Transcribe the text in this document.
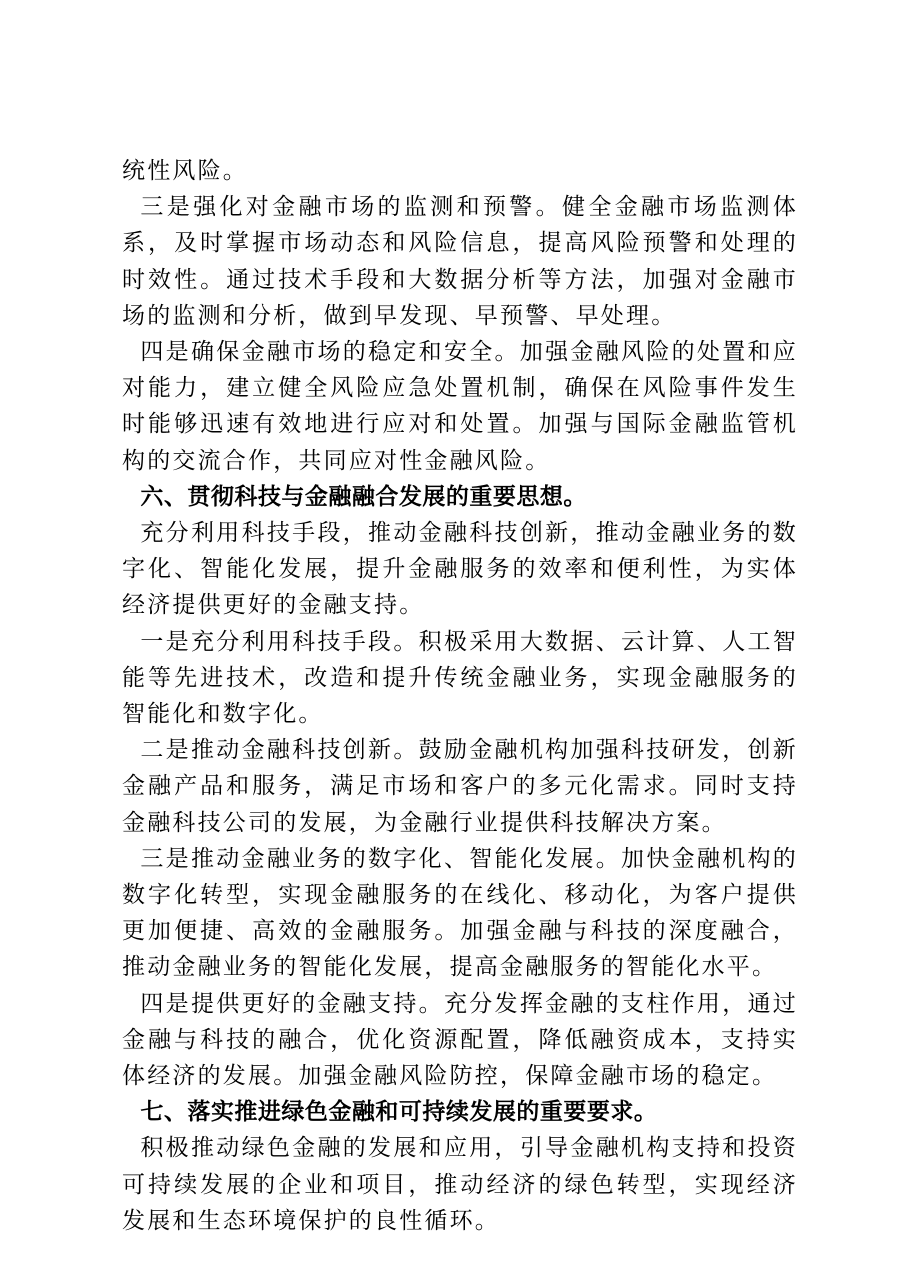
统性风险。

三是强化对金融市场的监测和预警。健全金融市场监测体系，及时掌握市场动态和风险信息，提高风险预警和处理的时效性。通过技术手段和大数据分析等方法，加强对金融市场的监测和分析，做到早发现、早预警、早处理。

四是确保金融市场的稳定和安全。加强金融风险的处置和应对能力，建立健全风险应急处置机制，确保在风险事件发生时能够迅速有效地进行应对和处置。加强与国际金融监管机构的交流合作，共同应对性金融风险。

六、贯彻科技与金融融合发展的重要思想。

充分利用科技手段，推动金融科技创新，推动金融业务的数字化、智能化发展，提升金融服务的效率和便利性，为实体经济提供更好的金融支持。

一是充分利用科技手段。积极采用大数据、云计算、人工智能等先进技术，改造和提升传统金融业务，实现金融服务的智能化和数字化。

二是推动金融科技创新。鼓励金融机构加强科技研发，创新金融产品和服务，满足市场和客户的多元化需求。同时支持金融科技公司的发展，为金融行业提供科技解决方案。

三是推动金融业务的数字化、智能化发展。加快金融机构的数字化转型，实现金融服务的在线化、移动化，为客户提供更加便捷、高效的金融服务。加强金融与科技的深度融合，推动金融业务的智能化发展，提高金融服务的智能化水平。

四是提供更好的金融支持。充分发挥金融的支柱作用，通过金融与科技的融合，优化资源配置，降低融资成本，支持实体经济的发展。加强金融风险防控，保障金融市场的稳定。

七、落实推进绿色金融和可持续发展的重要要求。

积极推动绿色金融的发展和应用，引导金融机构支持和投资可持续发展的企业和项目，推动经济的绿色转型，实现经济发展和生态环境保护的良性循环。
